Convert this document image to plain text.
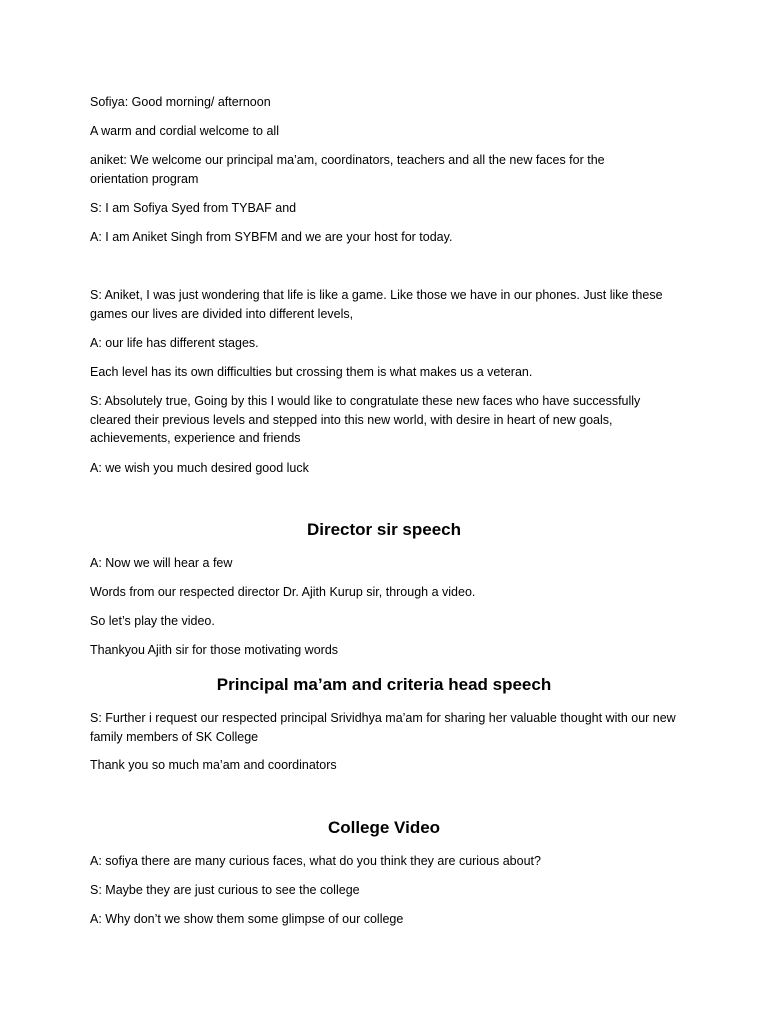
Sofiya: Good morning/ afternoon

A warm and cordial welcome to all

aniket: We welcome our principal ma’am, coordinators, teachers and all the new faces for the orientation program

S: I am Sofiya Syed from TYBAF and

A: I am Aniket Singh from SYBFM and we are your host for today.

S: Aniket, I was just wondering that life is like a game. Like those we have in our phones. Just like these games our lives are divided into different levels,

A: our life has different stages.

Each level has its own difficulties but crossing them is what makes us a veteran.

S: Absolutely true, Going by this I would like to congratulate these new faces who have successfully cleared their previous levels and stepped into this new world, with desire in heart of new goals, achievements, experience and friends

A: we wish you much desired good luck

Director sir speech

A: Now we will hear a few

Words from our respected director Dr. Ajith Kurup sir, through a video.

So let’s play the video.

Thankyou Ajith sir for those motivating words

Principal ma’am and criteria head speech

S: Further i request our respected principal Srividhya ma’am for sharing her valuable thought with our new family members of SK College

Thank you so much ma’am and coordinators

College Video

A: sofiya there are many curious faces, what do you think they are curious about?

S: Maybe they are just curious to see the college

A: Why don’t we show them some glimpse of our college
